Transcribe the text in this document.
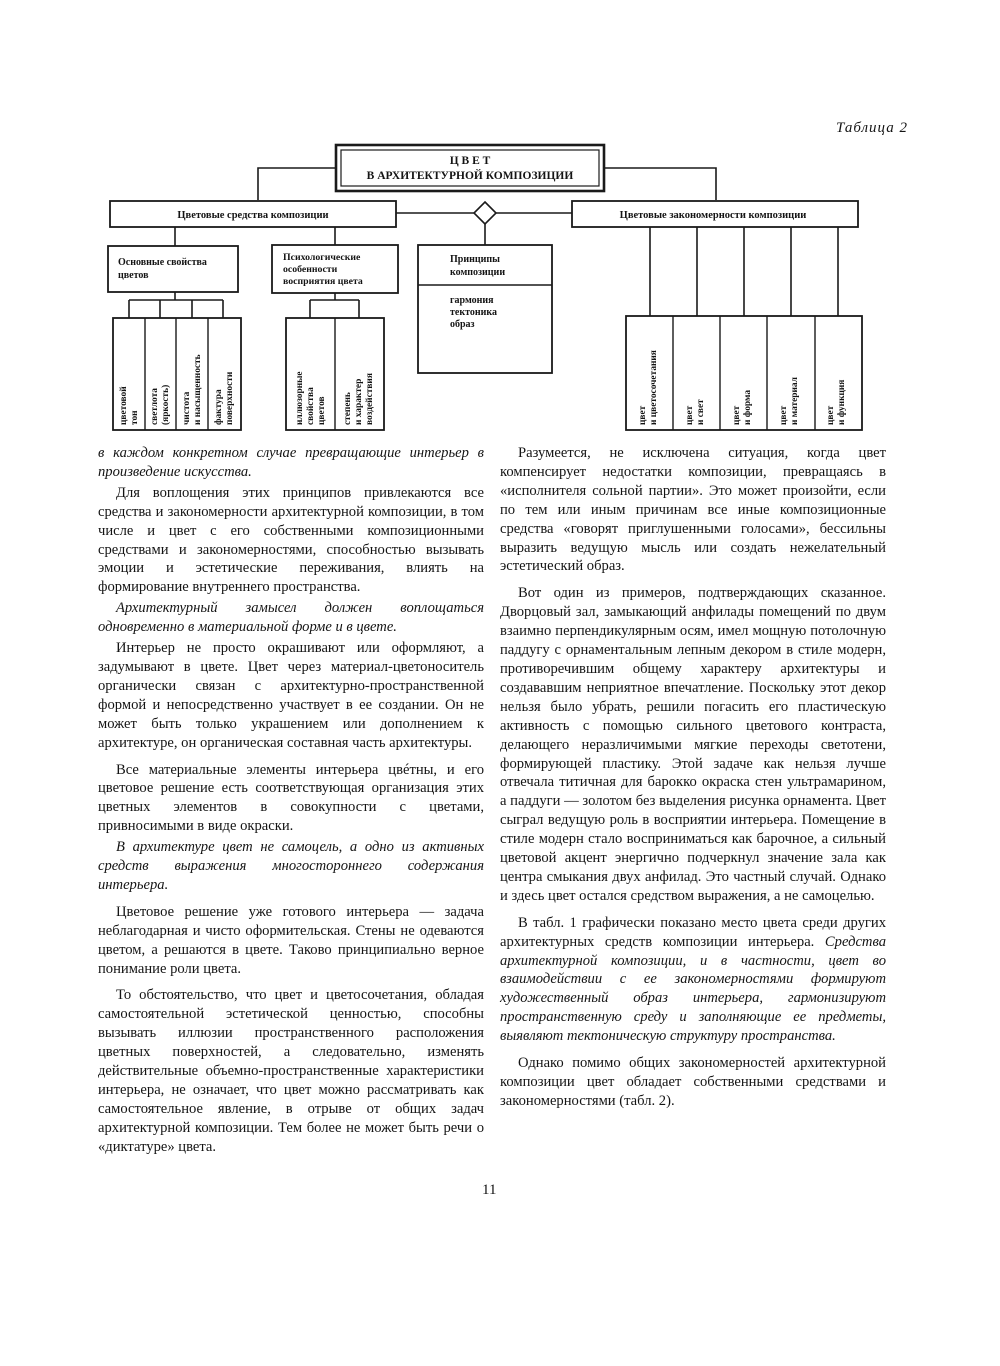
Таблица 2
Ц В Е Т
В АРХИТЕКТУРНОЙ КОМПОЗИЦИИ
Цветовые средства композиции	Цветовые закономерности композиции
Основные свойства
цветов
Психологические
особенности
восприятия цвета
Принципы
композиции
гармония
тектоника
образ
цветовой тон светлота (яркость) чистота и насыщенность фактура поверхности	иллюзорные свойства цветов степень и характер воздействия	цвет и цветосочетания	цвет и свет	цвет и форма	цвет и материал	цвет и функция

в каждом конкретном случае превращающие интерьер в произведение искусства.

Для воплощения этих принципов привлекаются все средства и закономерности архитектурной композиции, в том числе и цвет с его собственными композиционными средствами и закономерностями, способностью вызывать эмоции и эстетические переживания, влиять на формирование внутреннего пространства.

Архитектурный замысел должен воплощаться одновременно в материальной форме и в цвете.

Интерьер не просто окрашивают или оформляют, а задумывают в цвете. Цвет через материал-цветоноситель органически связан с архитектурно-пространственной формой и непосредственно участвует в ее создании. Он не может быть только украшением или дополнением к архитектуре, он органическая составная часть архитектуры.

Все материальные элементы интерьера цвéтны, и его цветовое решение есть соответствующая организация этих цветных элементов в совокупности с цветами, привносимыми в виде окраски.

В архитектуре цвет не самоцель, а одно из активных средств выражения многостороннего содержания интерьера.

Цветовое решение уже готового интерьера — задача неблагодарная и чисто оформительская. Стены не одеваются цветом, а решаются в цвете. Таково принципиально верное понимание роли цвета.

То обстоятельство, что цвет и цветосочетания, обладая самостоятельной эстетической ценностью, способны вызывать иллюзии пространственного расположения цветных поверхностей, а следовательно, изменять действительные объемно-пространственные характеристики интерьера, не означает, что цвет можно рассматривать как самостоятельное явление, в отрыве от общих задач архитектурной композиции. Тем более не может быть речи о «диктатуре» цвета.

Разумеется, не исключена ситуация, когда цвет компенсирует недостатки композиции, превращаясь в «исполнителя сольной партии». Это может произойти, если по тем или иным причинам все иные композиционные средства «говорят приглушенными голосами», бессильны выразить ведущую мысль или создать нежелательный эстетический образ.

Вот один из примеров, подтверждающих сказанное. Дворцовый зал, замыкающий анфилады помещений по двум взаимно перпендикулярным осям, имел мощную потолочную паддугу с орнаментальным лепным декором в стиле модерн, противоречившим общему характеру архитектуры и создававшим неприятное впечатление. Поскольку этот декор нельзя было убрать, решили погасить его пластическую активность с помощью сильного цветового контраста, делающего неразличимыми мягкие переходы светотени, формирующей пластику. Этой задаче как нельзя лучше отвечала титичная для барокко окраска стен ультрамарином, а паддуги — золотом без выделения рисунка орнамента. Цвет сыграл ведущую роль в восприятии интерьера. Помещение в стиле модерн стало восприниматься как барочное, а сильный цветовой акцент энергично подчеркнул значение зала как центра смыкания двух анфилад. Это частный случай. Однако и здесь цвет остался средством выражения, а не самоцелью.

В табл. 1 графически показано место цвета среди других архитектурных средств композиции интерьера. Средства архитектурной композиции, и в частности, цвет во взаимодействии с ее закономерностями формируют художественный образ интерьера, гармонизируют пространственную среду и заполняющие ее предметы, выявляют тектоническую структуру пространства.

Однако помимо общих закономерностей архитектурной композиции цвет обладает собственными средствами и закономерностями (табл. 2).

11
